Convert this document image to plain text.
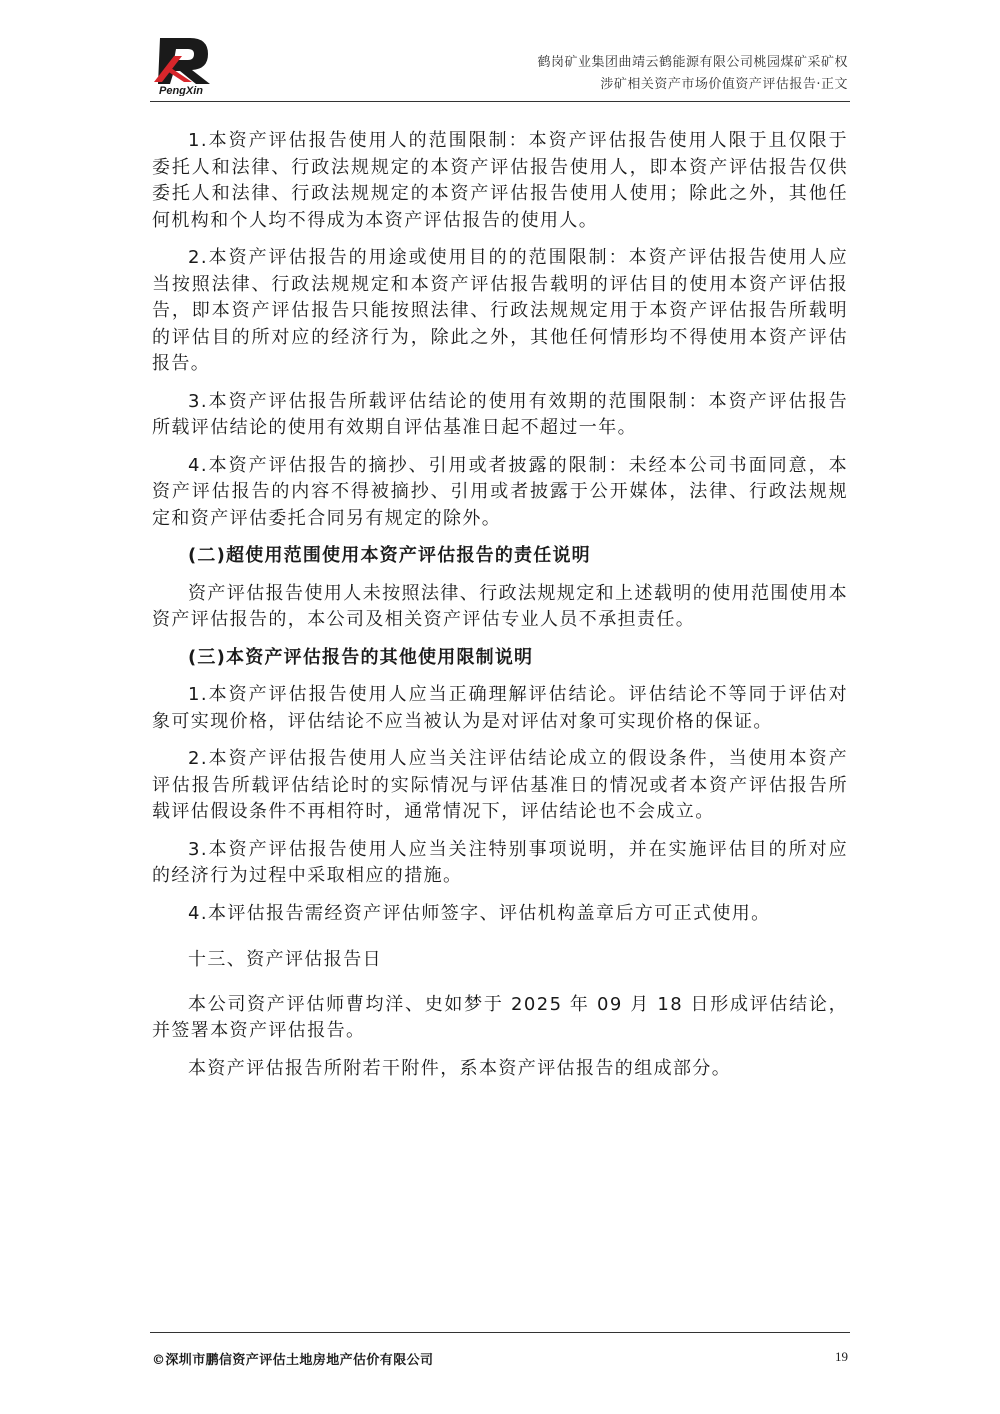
PengXin
鹤岗矿业集团曲靖云鹤能源有限公司桃园煤矿采矿权
涉矿相关资产市场价值资产评估报告·正文

1.本资产评估报告使用人的范围限制：本资产评估报告使用人限于且仅限于委托人和法律、行政法规规定的本资产评估报告使用人，即本资产评估报告仅供委托人和法律、行政法规规定的本资产评估报告使用人使用；除此之外，其他任何机构和个人均不得成为本资产评估报告的使用人。

2.本资产评估报告的用途或使用目的的范围限制：本资产评估报告使用人应当按照法律、行政法规规定和本资产评估报告载明的评估目的使用本资产评估报告，即本资产评估报告只能按照法律、行政法规规定用于本资产评估报告所载明的评估目的所对应的经济行为，除此之外，其他任何情形均不得使用本资产评估报告。

3.本资产评估报告所载评估结论的使用有效期的范围限制：本资产评估报告所载评估结论的使用有效期自评估基准日起不超过一年。

4.本资产评估报告的摘抄、引用或者披露的限制：未经本公司书面同意，本资产评估报告的内容不得被摘抄、引用或者披露于公开媒体，法律、行政法规规定和资产评估委托合同另有规定的除外。

(二)超使用范围使用本资产评估报告的责任说明

资产评估报告使用人未按照法律、行政法规规定和上述载明的使用范围使用本资产评估报告的，本公司及相关资产评估专业人员不承担责任。

(三)本资产评估报告的其他使用限制说明

1.本资产评估报告使用人应当正确理解评估结论。评估结论不等同于评估对象可实现价格，评估结论不应当被认为是对评估对象可实现价格的保证。

2.本资产评估报告使用人应当关注评估结论成立的假设条件，当使用本资产评估报告所载评估结论时的实际情况与评估基准日的情况或者本资产评估报告所载评估假设条件不再相符时，通常情况下，评估结论也不会成立。

3.本资产评估报告使用人应当关注特别事项说明，并在实施评估目的所对应的经济行为过程中采取相应的措施。

4.本评估报告需经资产评估师签字、评估机构盖章后方可正式使用。

十三、资产评估报告日

本公司资产评估师曹均洋、史如梦于 2025 年 09 月 18 日形成评估结论，并签署本资产评估报告。

本资产评估报告所附若干附件，系本资产评估报告的组成部分。

©深圳市鹏信资产评估土地房地产估价有限公司	19
